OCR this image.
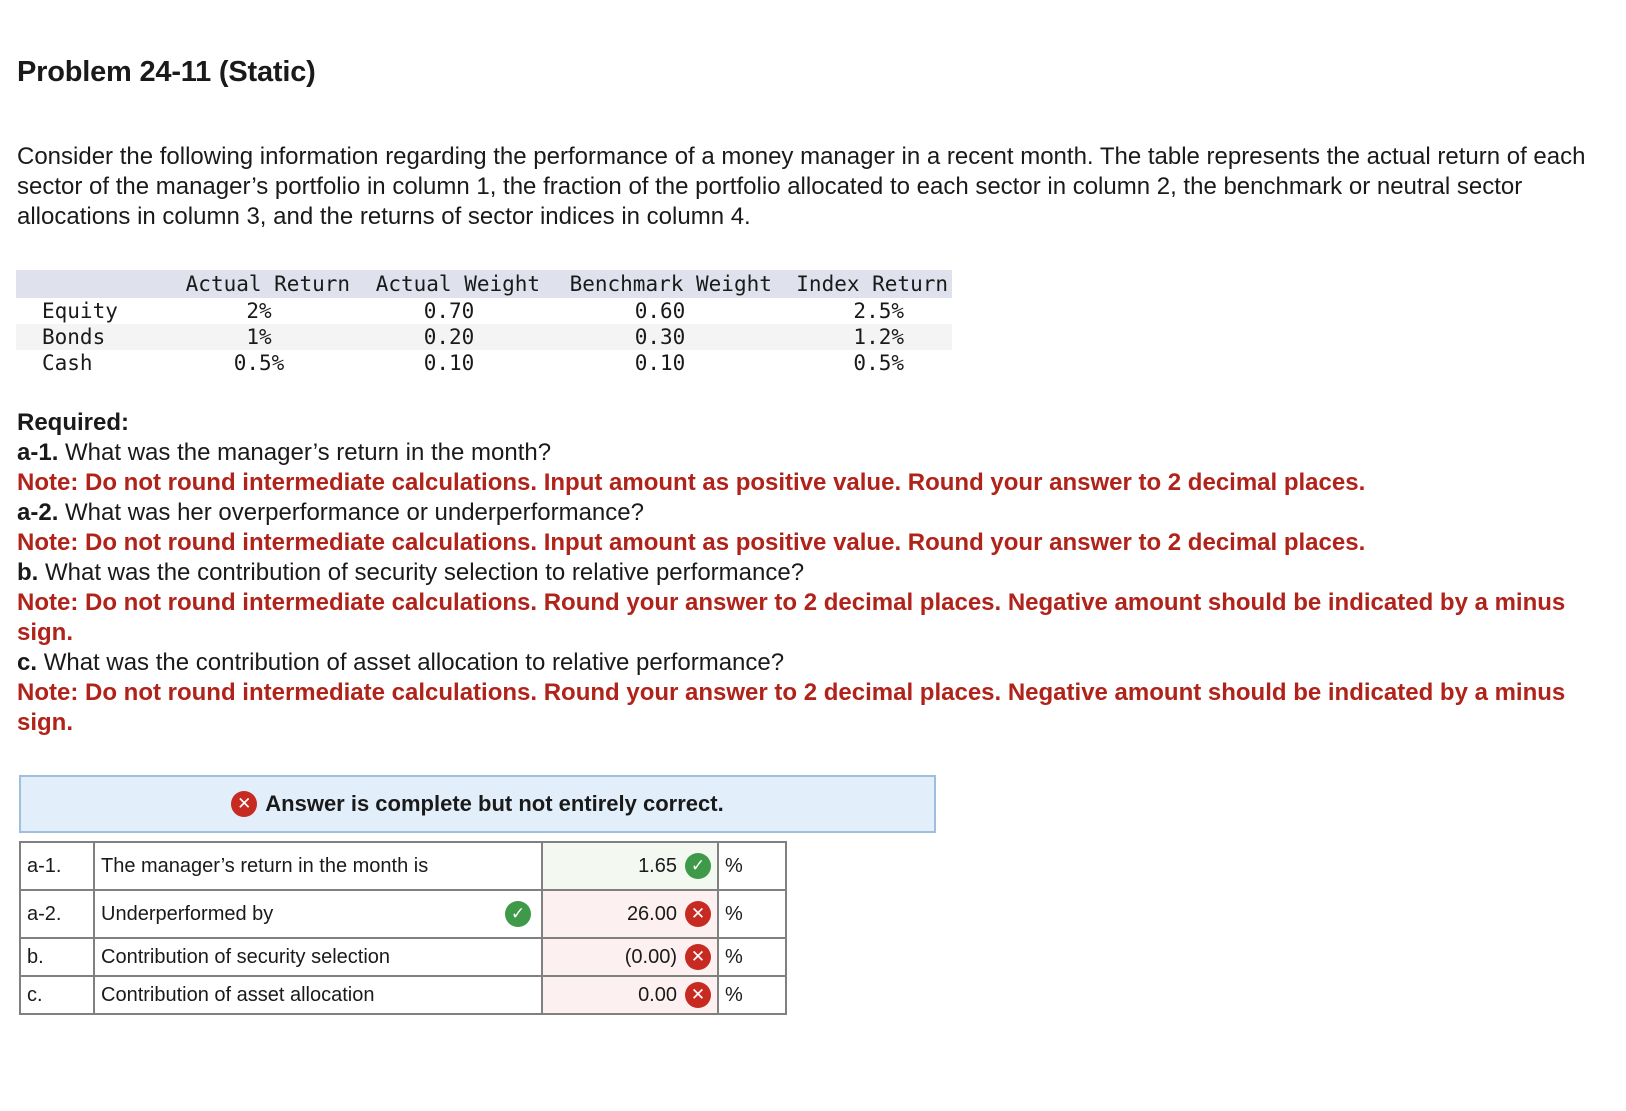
Problem 24-11 (Static)

Consider the following information regarding the performance of a money manager in a recent month. The table represents the actual return of each sector of the manager’s portfolio in column 1, the fraction of the portfolio allocated to each sector in column 2, the benchmark or neutral sector allocations in column 3, and the returns of sector indices in column 4.

	Actual Return	Actual Weight	Benchmark Weight	Index Return
Equity	2%	0.70	0.60	2.5%
Bonds	1%	0.20	0.30	1.2%
Cash	0.5%	0.10	0.10	0.5%

Required:

a-1. What was the manager’s return in the month?

Note: Do not round intermediate calculations. Input amount as positive value. Round your answer to 2 decimal places.

a-2. What was her overperformance or underperformance?

Note: Do not round intermediate calculations. Input amount as positive value. Round your answer to 2 decimal places.

b. What was the contribution of security selection to relative performance?

Note: Do not round intermediate calculations. Round your answer to 2 decimal places. Negative amount should be indicated by a minus sign.

c. What was the contribution of asset allocation to relative performance?

Note: Do not round intermediate calculations. Round your answer to 2 decimal places. Negative amount should be indicated by a minus sign.

✕ Answer is complete but not entirely correct.
a-1.	The manager’s return in the month is	1.65 ✓	%
a-2.	Underperformed by ✓	26.00 ✕	%
b.	Contribution of security selection	(0.00) ✕	%
c.	Contribution of asset allocation	0.00 ✕	%
